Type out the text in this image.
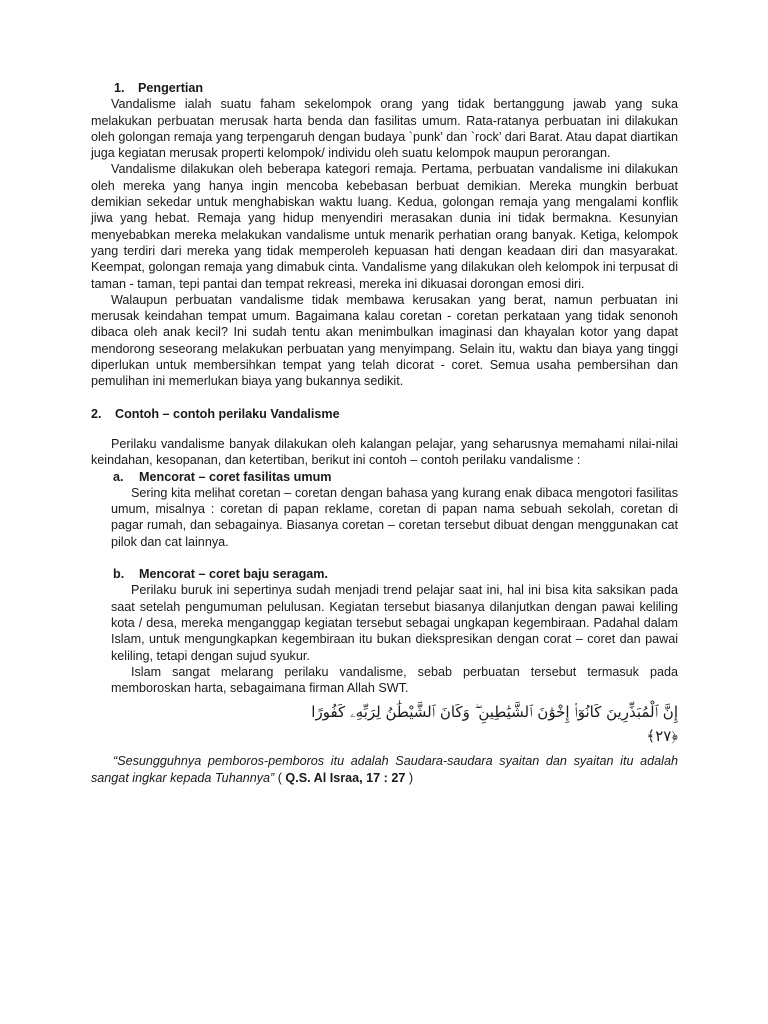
1. Pengertian

Vandalisme ialah suatu faham sekelompok orang yang tidak bertanggung jawab yang suka melakukan perbuatan merusak harta benda dan fasilitas umum. Rata-ratanya perbuatan ini dilakukan oleh golongan remaja yang terpengaruh dengan budaya `punk’ dan `rock’ dari Barat. Atau dapat diartikan juga kegiatan merusak properti kelompok/ individu oleh suatu kelompok maupun perorangan.

Vandalisme dilakukan oleh beberapa kategori remaja. Pertama, perbuatan vandalisme ini dilakukan oleh mereka yang hanya ingin mencoba kebebasan berbuat demikian. Mereka mungkin berbuat demikian sekedar untuk menghabiskan waktu luang. Kedua, golongan remaja yang mengalami konflik jiwa yang hebat. Remaja yang hidup menyendiri merasakan dunia ini tidak bermakna. Kesunyian menyebabkan mereka melakukan vandalisme untuk menarik perhatian orang banyak. Ketiga, kelompok yang terdiri dari mereka yang tidak memperoleh kepuasan hati dengan keadaan diri dan masyarakat. Keempat, golongan remaja yang dimabuk cinta. Vandalisme yang dilakukan oleh kelompok ini terpusat di taman - taman, tepi pantai dan tempat rekreasi, mereka ini dikuasai dorongan emosi diri.

Walaupun perbuatan vandalisme tidak membawa kerusakan yang berat, namun perbuatan ini merusak keindahan tempat umum. Bagaimana kalau coretan - coretan perkataan yang tidak senonoh dibaca oleh anak kecil? Ini sudah tentu akan menimbulkan imaginasi dan khayalan kotor yang dapat mendorong seseorang melakukan perbuatan yang menyimpang. Selain itu, waktu dan biaya yang tinggi diperlukan untuk membersihkan tempat yang telah dicorat - coret. Semua usaha pembersihan dan pemulihan ini memerlukan biaya yang bukannya sedikit.

2. Contoh – contoh perilaku Vandalisme

Perilaku vandalisme banyak dilakukan oleh kalangan pelajar, yang seharusnya memahami nilai-nilai keindahan, kesopanan, dan ketertiban, berikut ini contoh – contoh perilaku vandalisme :

a. Mencorat – coret fasilitas umum

Sering kita melihat coretan – coretan dengan bahasa yang kurang enak dibaca mengotori fasilitas umum, misalnya : coretan di papan reklame, coretan di papan nama sebuah sekolah, coretan di pagar rumah, dan sebagainya. Biasanya coretan – coretan tersebut dibuat dengan menggunakan cat pilok dan cat lainnya.

b. Mencorat – coret baju seragam.

Perilaku buruk ini sepertinya sudah menjadi trend pelajar saat ini, hal ini bisa kita saksikan pada saat setelah pengumuman pelulusan. Kegiatan tersebut biasanya dilanjutkan dengan pawai keliling kota / desa, mereka menganggap kegiatan tersebut sebagai ungkapan kegembiraan. Padahal dalam Islam, untuk mengungkapkan kegembiraan itu bukan diekspresikan dengan corat – coret dan pawai keliling, tetapi dengan sujud syukur.

Islam sangat melarang perilaku vandalisme, sebab perbuatan tersebut termasuk pada memboroskan harta, sebagaimana firman Allah SWT.

إِنَّ ٱلْمُبَذِّرِينَ كَانُوٓا۟ إِخْوَٰنَ ٱلشَّيَٰطِينِ ۖ وَكَانَ ٱلشَّيْطَٰنُ لِرَبِّهِۦ كَفُورًا ﴿٢٧﴾

“Sesungguhnya pemboros-pemboros itu adalah Saudara-saudara syaitan dan syaitan itu adalah sangat ingkar kepada Tuhannya” ( Q.S. Al Israa, 17 : 27 )
